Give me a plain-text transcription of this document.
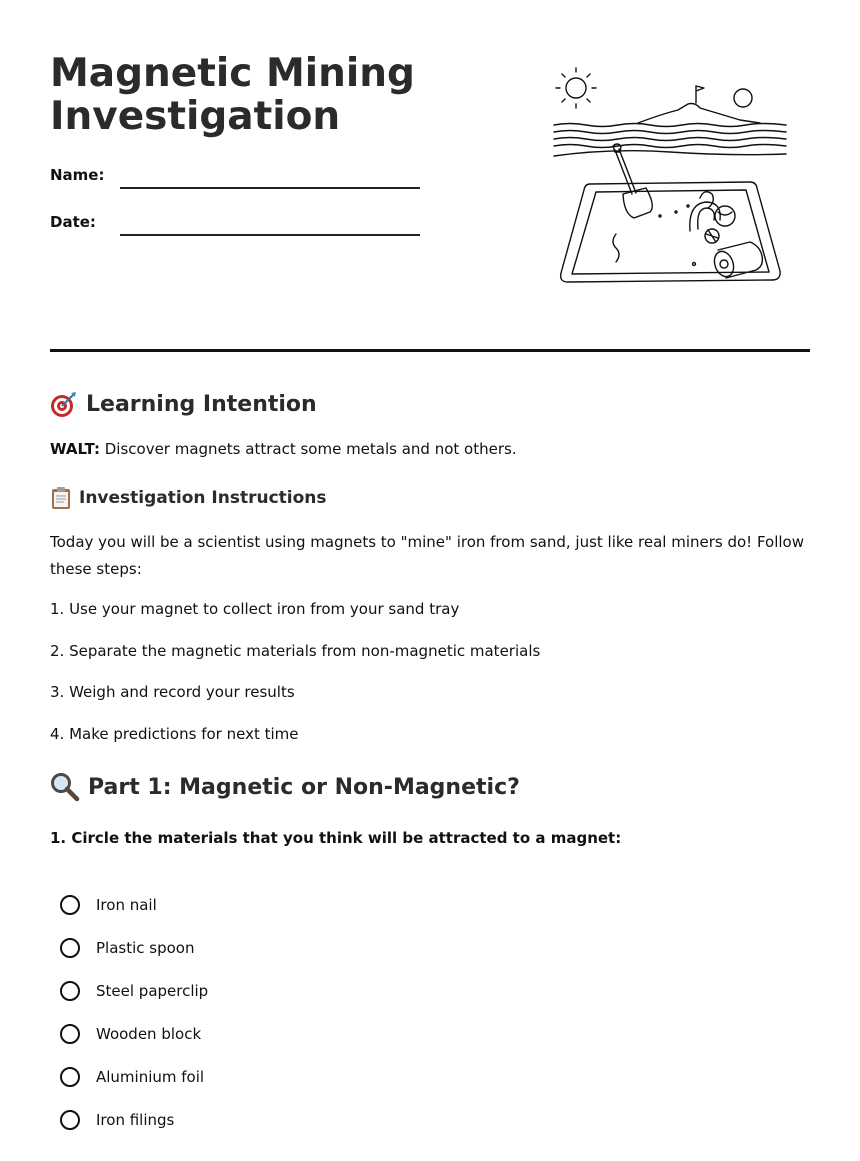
Magnetic Mining
Investigation
Name:
Date:
Learning Intention

WALT: Discover magnets attract some metals and not others.

Investigation Instructions

Today you will be a scientist using magnets to "mine" iron from sand, just like real miners do! Follow these steps:

1. Use your magnet to collect iron from your sand tray
2. Separate the magnetic materials from non-magnetic materials
3. Weigh and record your results
4. Make predictions for next time
Part 1: Magnetic or Non-Magnetic?
1. Circle the materials that you think will be attracted to a magnet:
Iron nail
Plastic spoon
Steel paperclip
Wooden block
Aluminium foil
Iron filings
